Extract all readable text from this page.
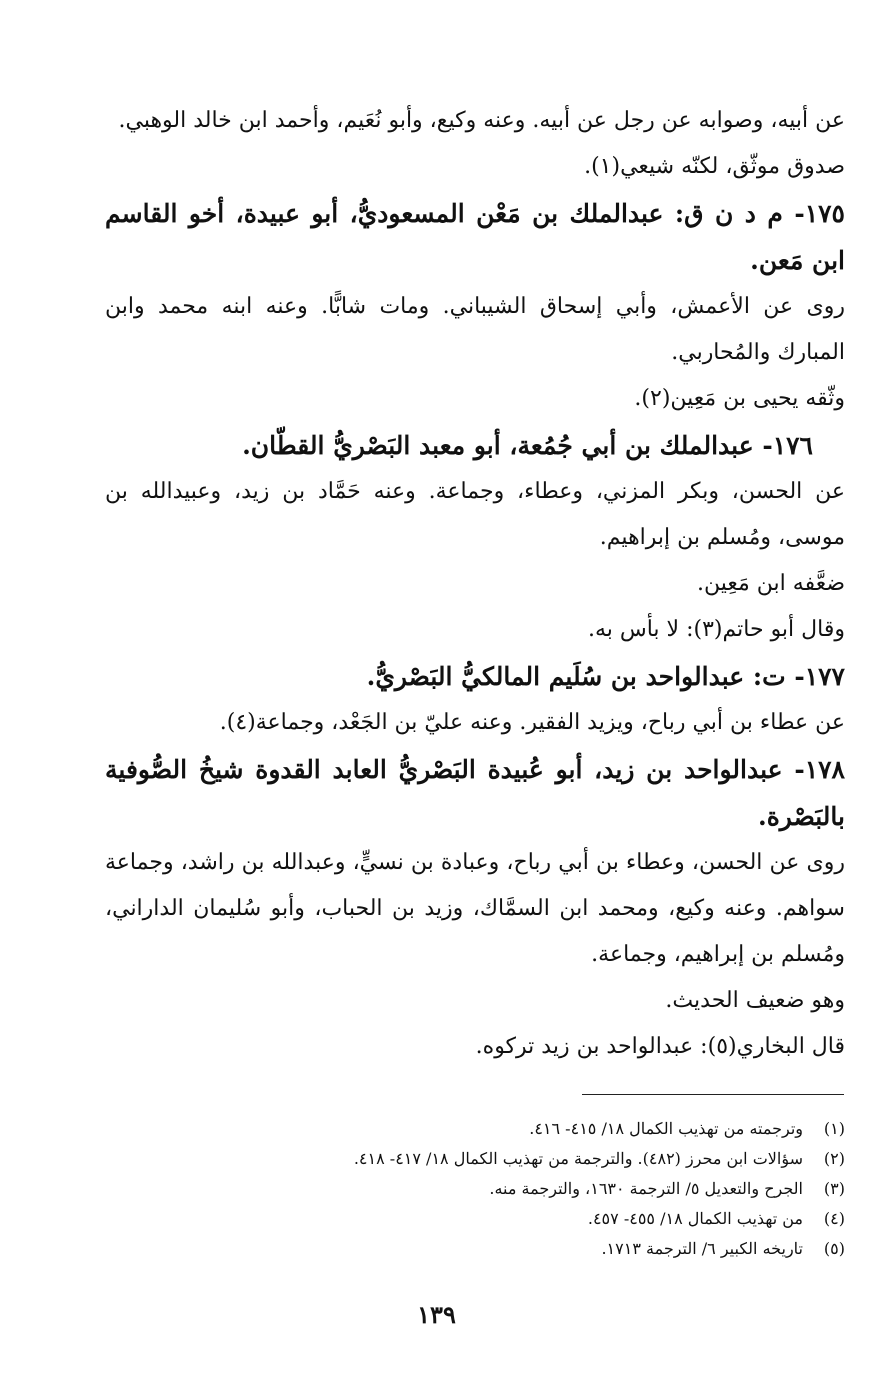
عن أبيه، وصوابه عن رجل عن أبيه. وعنه وكيع، وأبو نُعَيم، وأحمد ابن خالد الوهبي.

صدوق موثّق، لكنّه شيعي(١).

١٧٥- م د ن ق: عبدالملك بن مَعْن المسعوديُّ، أبو عبيدة، أخو القاسم ابن مَعن.

روى عن الأعمش، وأبي إسحاق الشيباني. ومات شابًّا. وعنه ابنه محمد وابن المبارك والمُحاربي.

وثّقه يحيى بن مَعِين(٢).

١٧٦- عبدالملك بن أبي جُمُعة، أبو معبد البَصْريُّ القطّان.

عن الحسن، وبكر المزني، وعطاء، وجماعة. وعنه حَمَّاد بن زيد، وعبيدالله بن موسى، ومُسلم بن إبراهيم.

ضعَّفه ابن مَعِين.

وقال أبو حاتم(٣): لا بأس به.

١٧٧- ت: عبدالواحد بن سُلَيم المالكيُّ البَصْريُّ.

عن عطاء بن أبي رباح، ويزيد الفقير. وعنه عليّ بن الجَعْد، وجماعة(٤).

١٧٨- عبدالواحد بن زيد، أبو عُبيدة البَصْريُّ العابد القدوة شيخُ الصُّوفية بالبَصْرة.

روى عن الحسن، وعطاء بن أبي رباح، وعبادة بن نسيٍّ، وعبدالله بن راشد، وجماعة سواهم. وعنه وكيع، ومحمد ابن السمَّاك، وزيد بن الحباب، وأبو سُليمان الداراني، ومُسلم بن إبراهيم، وجماعة.

وهو ضعيف الحديث.

قال البخاري(٥): عبدالواحد بن زيد تركوه.

(١)
وترجمته من تهذيب الكمال ١٨/ ٤١٥- ٤١٦.
(٢)
سؤالات ابن محرز (٤٨٢). والترجمة من تهذيب الكمال ١٨/ ٤١٧- ٤١٨.
(٣)
الجرح والتعديل ٥/ الترجمة ١٦٣٠، والترجمة منه.
(٤)
من تهذيب الكمال ١٨/ ٤٥٥- ٤٥٧.
(٥)
تاريخه الكبير ٦/ الترجمة ١٧١٣.
١٣٩
